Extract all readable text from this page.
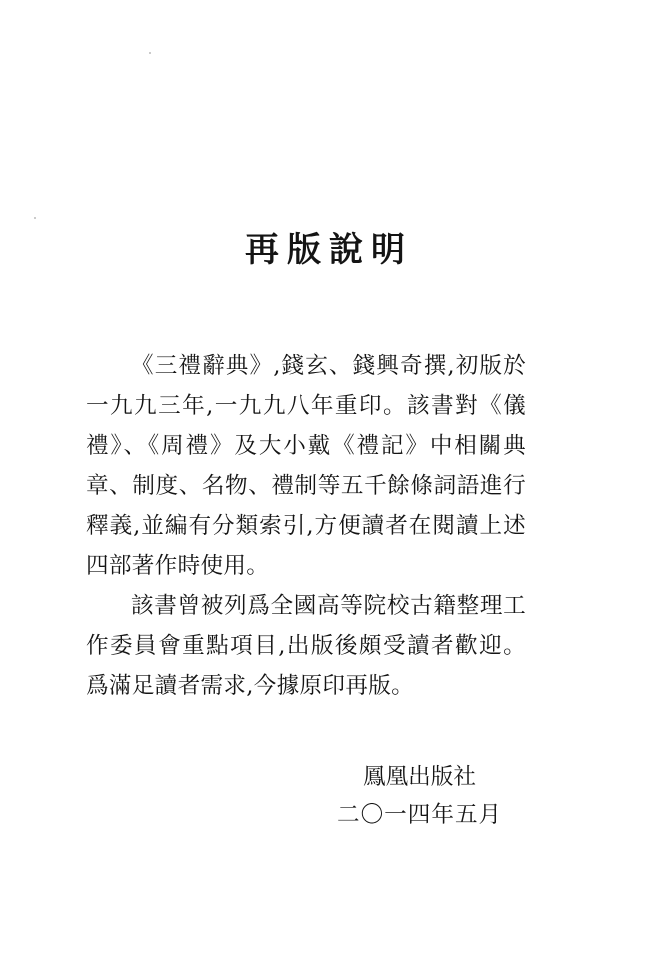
再版說明

《三禮辭典》,錢玄、錢興奇撰,初版於一九九三年,一九九八年重印。該書對《儀禮》、《周禮》及大小戴《禮記》中相關典章、制度、名物、禮制等五千餘條詞語進行釋義,並編有分類索引,方便讀者在閱讀上述四部著作時使用。

該書曾被列爲全國高等院校古籍整理工作委員會重點項目,出版後頗受讀者歡迎。爲滿足讀者需求,今據原印再版。

鳳凰出版社
二〇一四年五月
